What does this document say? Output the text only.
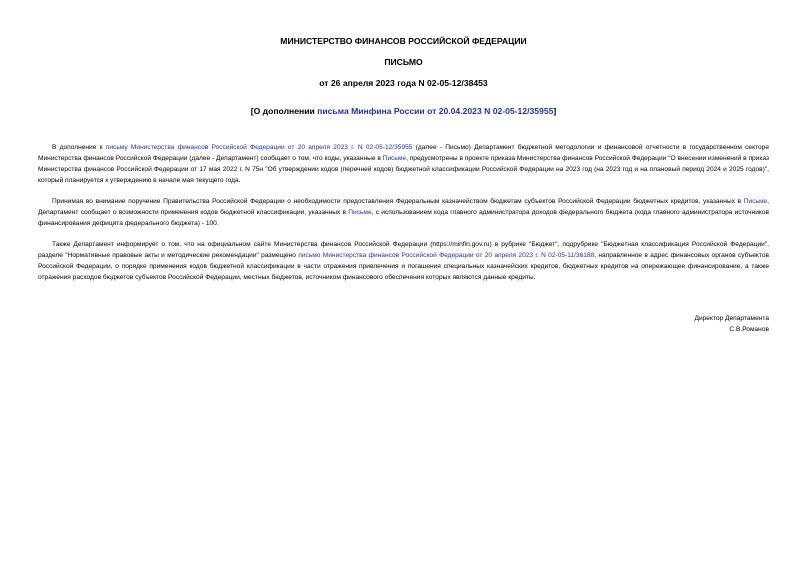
МИНИСТЕРСТВО ФИНАНСОВ РОССИЙСКОЙ ФЕДЕРАЦИИ
ПИСЬМО
от 26 апреля 2023 года N 02-05-12/38453
[О дополнении письма Минфина России от 20.04.2023 N 02-05-12/35955]

В дополнение к письму Министерства финансов Российской Федерации от 20 апреля 2023 г. N 02-05-12/35955 (далее - Письмо) Департамент бюджетной методологии и финансовой отчетности в государственном секторе Министерства финансов Российской Федерации (далее - Департамент) сообщает о том, что коды, указанные в Письме, предусмотрены в проекте приказа Министерства финансов Российской Федерации "О внесении изменений в приказ Министерства финансов Российской Федерации от 17 мая 2022 г. N 75н "Об утверждении кодов (перечней кодов) бюджетной классификации Российской Федерации на 2023 год (на 2023 год и на плановый период 2024 и 2025 годов)", который планируется к утверждению в начале мая текущего года.

Принимая во внимание поручение Правительства Российской Федерации о необходимости предоставления Федеральным казначейством бюджетам субъектов Российской Федерации бюджетных кредитов, указанных в Письме, Департамент сообщает о возможности применения кодов бюджетной классификации, указанных в Письме, с использованием кода главного администратора доходов федерального бюджета (кода главного администратора источников финансирования дефицита федерального бюджета) - 100.

Также Департамент информирует о том, что на официальном сайте Министерства финансов Российской Федерации (https://minfin.gov.ru) в рубрике "Бюджет", подрубрике "Бюджетная классификация Российской Федерации", разделе "Нормативные правовые акты и методические рекомендации" размещено письмо Министерства финансов Российской Федерации от 20 апреля 2023 г. N 02-05-11/36188, направленное в адрес финансовых органов субъектов Российской Федерации, о порядке применения кодов бюджетной классификации в части отражения привлечения и погашения специальных казначейских кредитов, бюджетных кредитов на опережающее финансирование, а также отражения расходов бюджетов субъектов Российской Федерации, местных бюджетов, источником финансового обеспечения которых являются данные кредиты.

Директор Департамента
С.В.Романов
